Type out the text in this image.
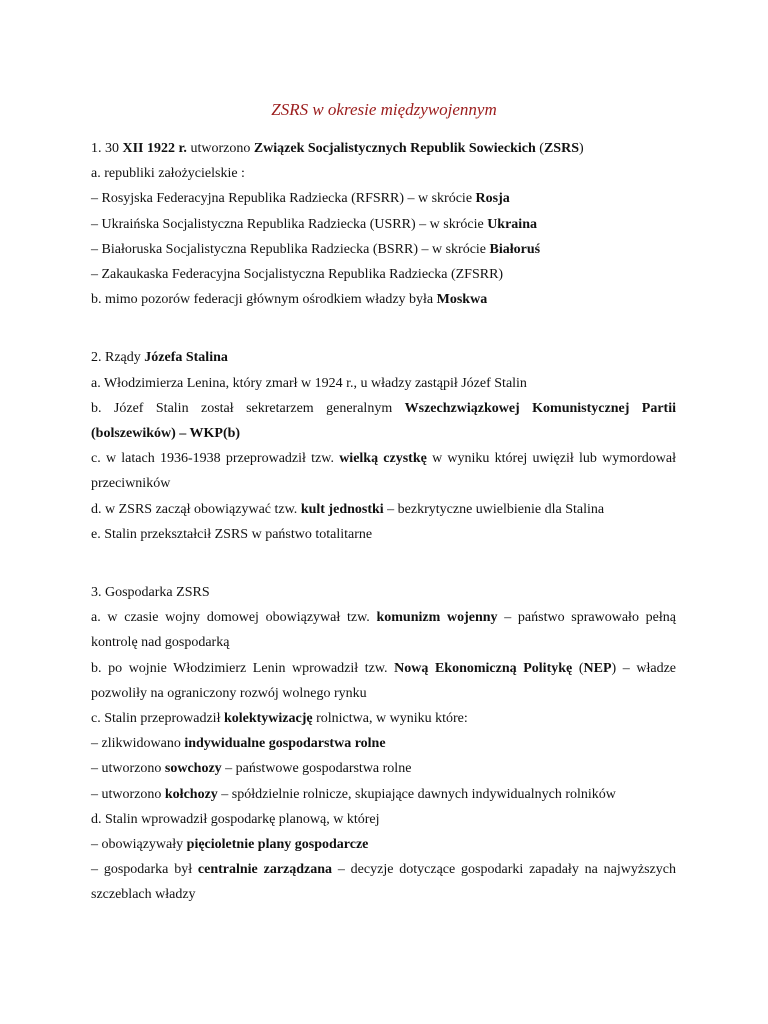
ZSRS w okresie międzywojennym
1. 30 XII 1922 r. utworzono Związek Socjalistycznych Republik Sowieckich (ZSRS)
a. republiki założycielskie :
– Rosyjska Federacyjna Republika Radziecka (RFSRR) – w skrócie Rosja
– Ukraińska Socjalistyczna Republika Radziecka (USRR) – w skrócie Ukraina
– Białoruska Socjalistyczna Republika Radziecka (BSRR) – w skrócie Białoruś
– Zakaukaska Federacyjna Socjalistyczna Republika Radziecka (ZFSRR)
b. mimo pozorów federacji głównym ośrodkiem władzy była Moskwa
2. Rządy Józefa Stalina
a. Włodzimierza Lenina, który zmarł w 1924 r., u władzy zastąpił Józef Stalin
b. Józef Stalin został sekretarzem generalnym Wszechzwiązkowej Komunistycznej Partii (bolszewików) – WKP(b)
c. w latach 1936-1938 przeprowadził tzw. wielką czystkę w wyniku której uwięził lub wymordował przeciwników
d. w ZSRS zaczął obowiązywać tzw. kult jednostki – bezkrytyczne uwielbienie dla Stalina
e. Stalin przekształcił ZSRS w państwo totalitarne
3. Gospodarka ZSRS
a. w czasie wojny domowej obowiązywał tzw. komunizm wojenny – państwo sprawowało pełną kontrolę nad gospodarką
b. po wojnie Włodzimierz Lenin wprowadził tzw. Nową Ekonomiczną Politykę (NEP) – władze pozwoliły na ograniczony rozwój wolnego rynku
c. Stalin przeprowadził kolektywizację rolnictwa, w wyniku które:
– zlikwidowano indywidualne gospodarstwa rolne
– utworzono sowchozy – państwowe gospodarstwa rolne
– utworzono kołchozy – spółdzielnie rolnicze, skupiające dawnych indywidualnych rolników
d. Stalin wprowadził gospodarkę planową, w której
– obowiązywały pięcioletnie plany gospodarcze
– gospodarka był centralnie zarządzana – decyzje dotyczące gospodarki zapadały na najwyższych szczeblach władzy
